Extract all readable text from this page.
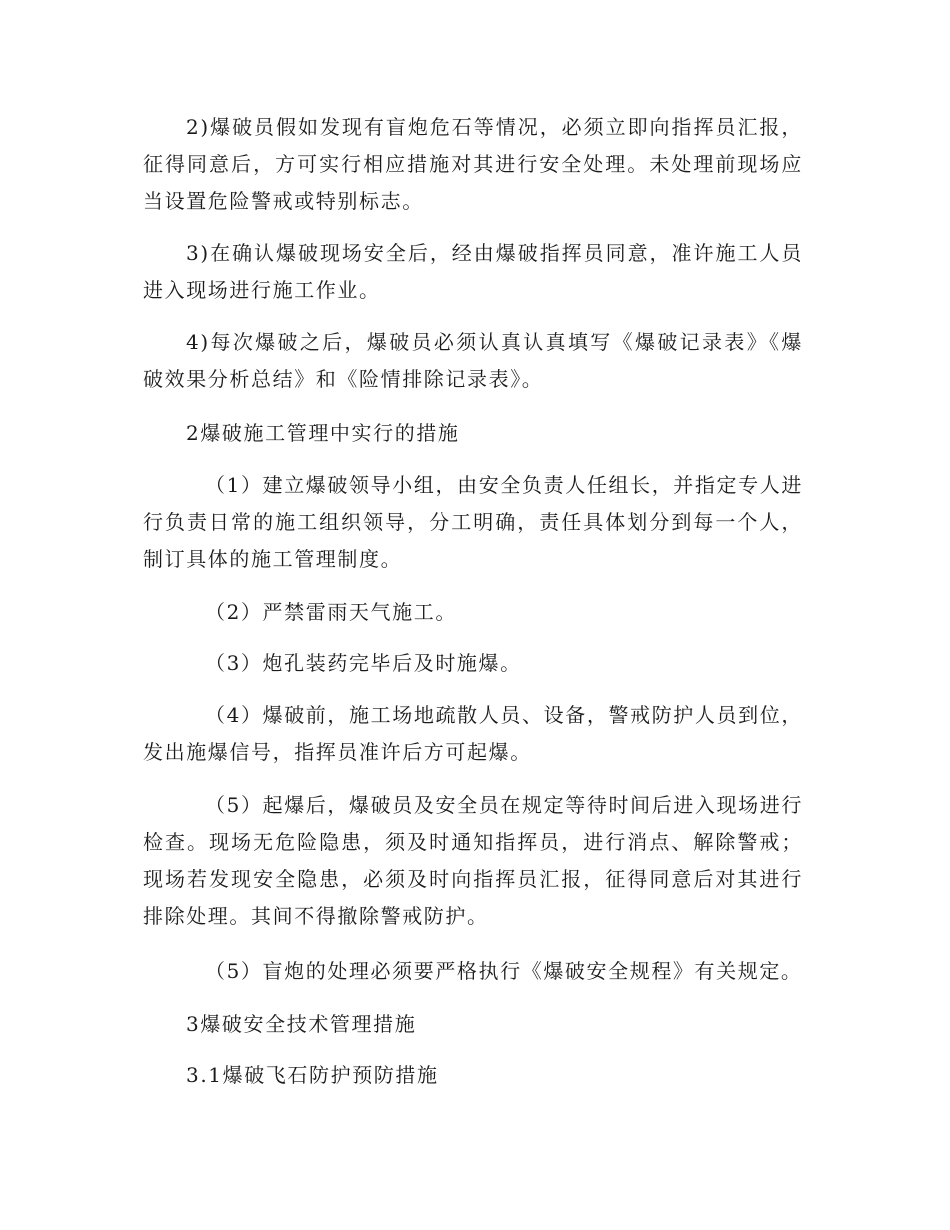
2)爆破员假如发现有盲炮危石等情况，必须立即向指挥员汇报，征得同意后，方可实行相应措施对其进行安全处理。未处理前现场应当设置危险警戒或特别标志。

3)在确认爆破现场安全后，经由爆破指挥员同意，准许施工人员进入现场进行施工作业。

4)每次爆破之后，爆破员必须认真认真填写《爆破记录表》《爆破效果分析总结》和《险情排除记录表》。

2爆破施工管理中实行的措施

（1）建立爆破领导小组，由安全负责人任组长，并指定专人进行负责日常的施工组织领导，分工明确，责任具体划分到每一个人，制订具体的施工管理制度。

（2）严禁雷雨天气施工。

（3）炮孔装药完毕后及时施爆。

（4）爆破前，施工场地疏散人员、设备，警戒防护人员到位，发出施爆信号，指挥员准许后方可起爆。

（5）起爆后，爆破员及安全员在规定等待时间后进入现场进行检查。现场无危险隐患，须及时通知指挥员，进行消点、解除警戒；现场若发现安全隐患，必须及时向指挥员汇报，征得同意后对其进行排除处理。其间不得撤除警戒防护。

（5）盲炮的处理必须要严格执行《爆破安全规程》有关规定。

3爆破安全技术管理措施

3.1爆破飞石防护预防措施
